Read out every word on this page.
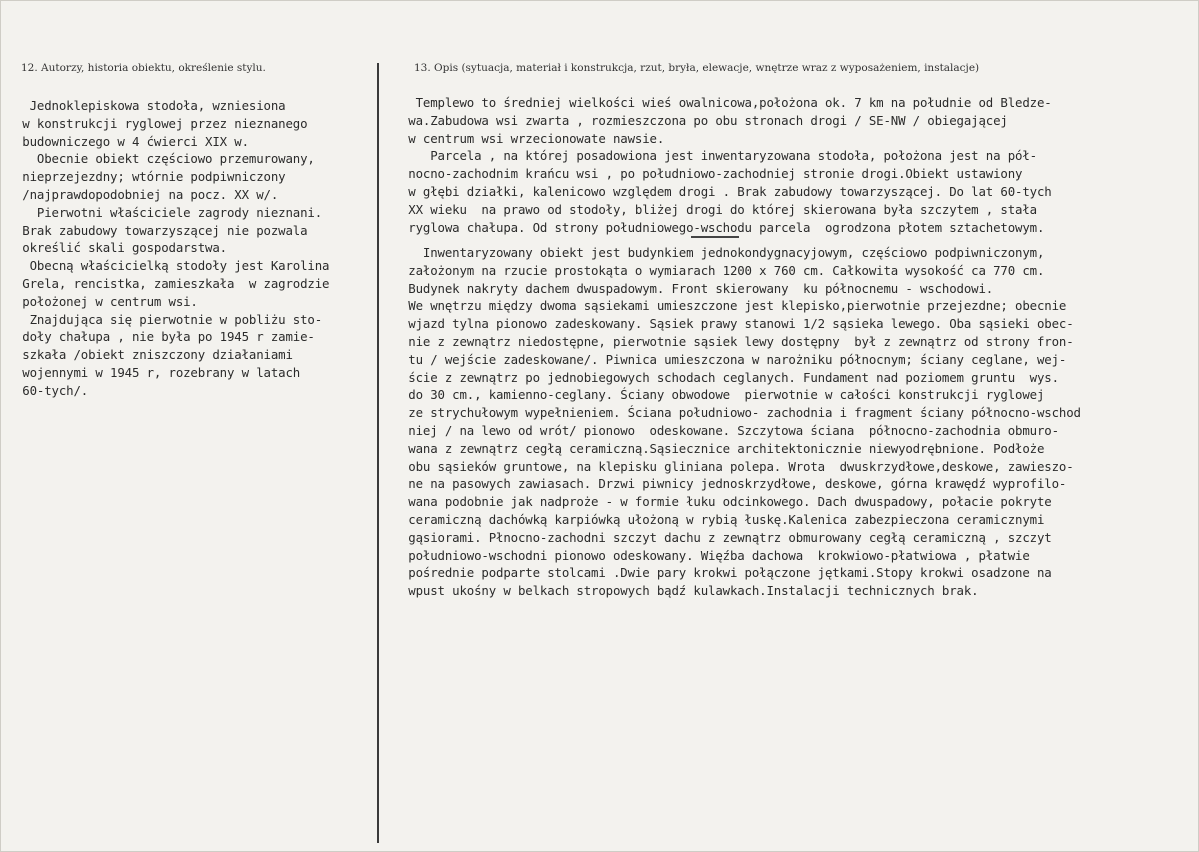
12. Autorzy, historia obiektu, określenie stylu.	13. Opis (sytuacja, materiał i konstrukcja, rzut, bryła, elewacje, wnętrze wraz z wyposażeniem, instalacje)

Jednoklepiskowa stodoła, wzniesiona
w konstrukcji ryglowej przez nieznanego
budowniczego w 4 ćwierci XIX w.
Obecnie obiekt częściowo przemurowany,
nieprzejezdny; wtórnie podpiwniczony
/najprawdopodobniej na pocz. XX w/.
Pierwotni właściciele zagrody nieznani.
Brak zabudowy towarzyszącej nie pozwala
określić skali gospodarstwa.
Obecną właścicielką stodoły jest Karolina
Grela, rencistka, zamieszkała  w zagrodzie
położonej w centrum wsi.
Znajdująca się pierwotnie w pobliżu sto-
doły chałupa , nie była po 1945 r zamie-
szkała /obiekt zniszczony działaniami
wojennymi w 1945 r, rozebrany w latach
60-tych/.

Templewo to średniej wielkości wieś owalnicowa,położona ok. 7 km na południe od Bledze-
wa.Zabudowa wsi zwarta , rozmieszczona po obu stronach drogi / SE-NW / obiegającej
w centrum wsi wrzecionowate nawsie.
Parcela , na której posadowiona jest inwentaryzowana stodoła, położona jest na pół-
nocno-zachodnim krańcu wsi , po południowo-zachodniej stronie drogi.Obiekt ustawiony
w głębi działki, kalenicowo względem drogi . Brak zabudowy towarzyszącej. Do lat 60-tych
XX wieku  na prawo od stodoły, bliżej drogi do której skierowana była szczytem , stała
ryglowa chałupa. Od strony południowego-wschodu parcela  ogrodzona płotem sztachetowym.

Inwentaryzowany obiekt jest budynkiem jednokondygnacyjowym, częściowo podpiwniczonym,
założonym na rzucie prostokąta o wymiarach 1200 x 760 cm. Całkowita wysokość ca 770 cm.
Budynek nakryty dachem dwuspadowym. Front skierowany  ku północnemu - wschodowi.
We wnętrzu między dwoma sąsiekami umieszczone jest klepisko,pierwotnie przejezdne; obecnie
wjazd tylna pionowo zadeskowany. Sąsiek prawy stanowi 1/2 sąsieka lewego. Oba sąsieki obec-
nie z zewnątrz niedostępne, pierwotnie sąsiek lewy dostępny  był z zewnątrz od strony fron-
tu / wejście zadeskowane/. Piwnica umieszczona w narożniku północnym; ściany ceglane, wej-
ście z zewnątrz po jednobiegowych schodach ceglanych. Fundament nad poziomem gruntu  wys.
do 30 cm., kamienno-ceglany. Ściany obwodowe  pierwotnie w całości konstrukcji ryglowej
ze strychułowym wypełnieniem. Ściana południowo- zachodnia i fragment ściany północno-wschod
niej / na lewo od wrót/ pionowo  odeskowane. Szczytowa ściana  północno-zachodnia obmuro-
wana z zewnątrz cegłą ceramiczną.Sąsiecznice architektonicznie niewyodrębnione. Podłoże
obu sąsieków gruntowe, na klepisku gliniana polepa. Wrota  dwuskrzydłowe,deskowe, zawieszo-
ne na pasowych zawiasach. Drzwi piwnicy jednoskrzydłowe, deskowe, górna krawędź wyprofilo-
wana podobnie jak nadproże - w formie łuku odcinkowego. Dach dwuspadowy, połacie pokryte
ceramiczną dachówką karpiówką ułożoną w rybią łuskę.Kalenica zabezpieczona ceramicznymi
gąsiorami. Płnocno-zachodni szczyt dachu z zewnątrz obmurowany cegłą ceramiczną , szczyt
południowo-wschodni pionowo odeskowany. Więźba dachowa  krokwiowo-płatwiowa , płatwie
pośrednie podparte stolcami .Dwie pary krokwi połączone jętkami.Stopy krokwi osadzone na
wpust ukośny w belkach stropowych bądź kulawkach.Instalacji technicznych brak.
